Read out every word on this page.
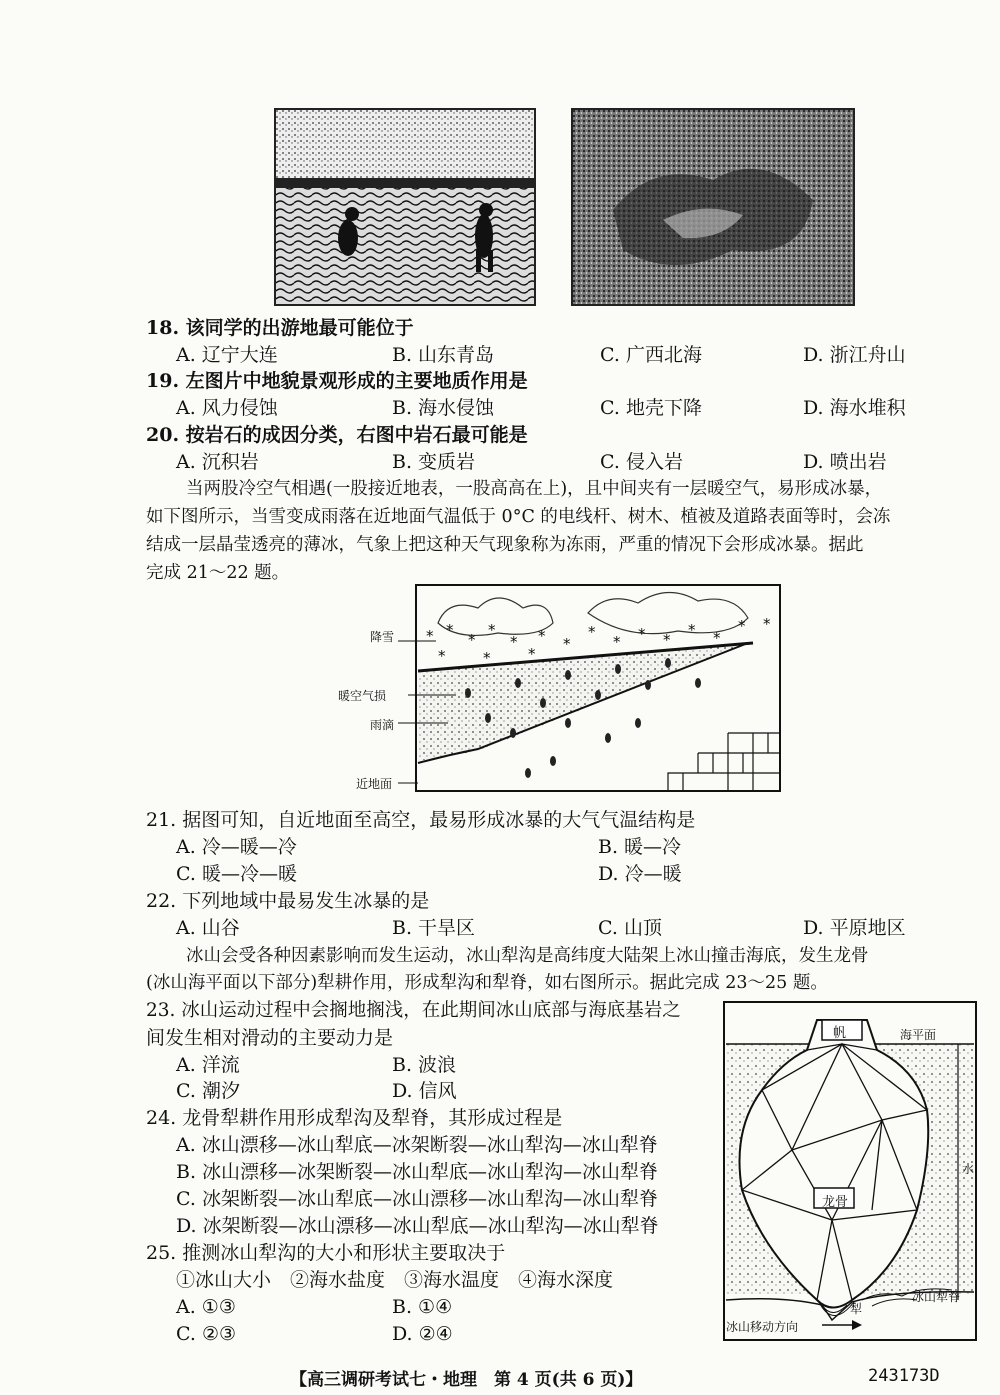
18. 该同学的出游地最可能位于
A. 辽宁大连	B. 山东青岛	C. 广西北海	D. 浙江舟山
19. 左图片中地貌景观形成的主要地质作用是
A. 风力侵蚀	B. 海水侵蚀	C. 地壳下降	D. 海水堆积
20. 按岩石的成因分类，右图中岩石最可能是
A. 沉积岩	B. 变质岩	C. 侵入岩	D. 喷出岩
当两股冷空气相遇(一股接近地表，一股高高在上)，且中间夹有一层暖空气，易形成冰暴，
如下图所示，当雪变成雨落在近地面气温低于 0°C 的电线杆、树木、植被及道路表面等时，会冻
结成一层晶莹透亮的薄冰，气象上把这种天气现象称为冻雨，严重的情况下会形成冰暴。据此
完成 21～22 题。
* *
*
*
* * *
*
* * *
* *
* *
*	*	*
降雪
暖空气损
雨滴
近地面
21. 据图可知，自近地面至高空，最易形成冰暴的大气气温结构是
A. 冷—暖—冷	B. 暖—冷
C. 暖—冷—暖	D. 冷—暖
22. 下列地域中最易发生冰暴的是
A. 山谷	B. 干旱区	C. 山顶	D. 平原地区
冰山会受各种因素影响而发生运动，冰山犁沟是高纬度大陆架上冰山撞击海底，发生龙骨
(冰山海平面以下部分)犁耕作用，形成犁沟和犁脊，如右图所示。据此完成 23～25 题。
23. 冰山运动过程中会搁地搁浅，在此期间冰山底部与海底基岩之
间发生相对滑动的主要动力是
A. 洋流	B. 波浪
C. 潮汐	D. 信风
24. 龙骨犁耕作用形成犁沟及犁脊，其形成过程是
A. 冰山漂移—冰山犁底—冰架断裂—冰山犁沟—冰山犁脊
B. 冰山漂移—冰架断裂—冰山犁底—冰山犁沟—冰山犁脊
C. 冰架断裂—冰山犁底—冰山漂移—冰山犁沟—冰山犁脊
D. 冰架断裂—冰山漂移—冰山犁底—冰山犁沟—冰山犁脊
25. 推测冰山犁沟的大小和形状主要取决于
①冰山大小　②海水盐度　③海水温度　④海水深度
A. ①③	B. ①④
C. ②③	D. ②④
帆	海平面
龙骨
水
冰山移动方向
冰山犁脊
犁
【高三调研考试七・地理　第 4 页(共 6 页)】	243173D
